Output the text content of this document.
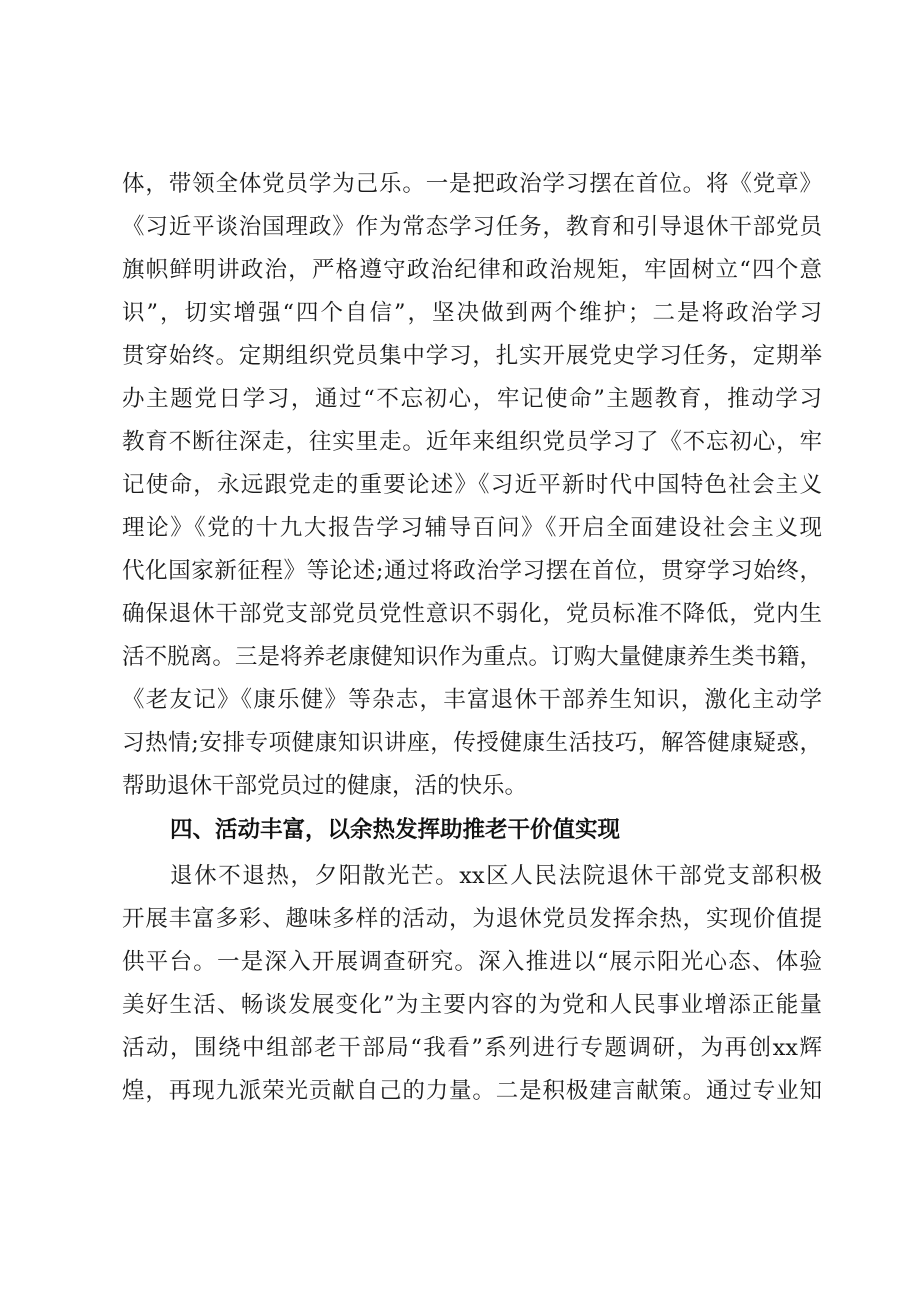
体，带领全体党员学为己乐。一是把政治学习摆在首位。将《党章》
《习近平谈治国理政》作为常态学习任务，教育和引导退休干部党员
旗帜鲜明讲政治，严格遵守政治纪律和政治规矩，牢固树立“四个意
识”，切实增强“四个自信”，坚决做到两个维护；二是将政治学习
贯穿始终。定期组织党员集中学习，扎实开展党史学习任务，定期举
办主题党日学习，通过“不忘初心，牢记使命”主题教育，推动学习
教育不断往深走，往实里走。近年来组织党员学习了《不忘初心，牢
记使命，永远跟党走的重要论述》《习近平新时代中国特色社会主义
理论》《党的十九大报告学习辅导百问》《开启全面建设社会主义现
代化国家新征程》等论述;通过将政治学习摆在首位，贯穿学习始终，
确保退休干部党支部党员党性意识不弱化，党员标准不降低，党内生
活不脱离。三是将养老康健知识作为重点。订购大量健康养生类书籍，
《老友记》《康乐健》等杂志，丰富退休干部养生知识，激化主动学
习热情;安排专项健康知识讲座，传授健康生活技巧，解答健康疑惑，
帮助退休干部党员过的健康，活的快乐。
四、活动丰富，以余热发挥助推老干价值实现
退休不退热，夕阳散光芒。xx区人民法院退休干部党支部积极
开展丰富多彩、趣味多样的活动，为退休党员发挥余热，实现价值提
供平台。一是深入开展调查研究。深入推进以“展示阳光心态、体验
美好生活、畅谈发展变化”为主要内容的为党和人民事业增添正能量
活动，围绕中组部老干部局“我看”系列进行专题调研，为再创xx辉
煌，再现九派荣光贡献自己的力量。二是积极建言献策。通过专业知
